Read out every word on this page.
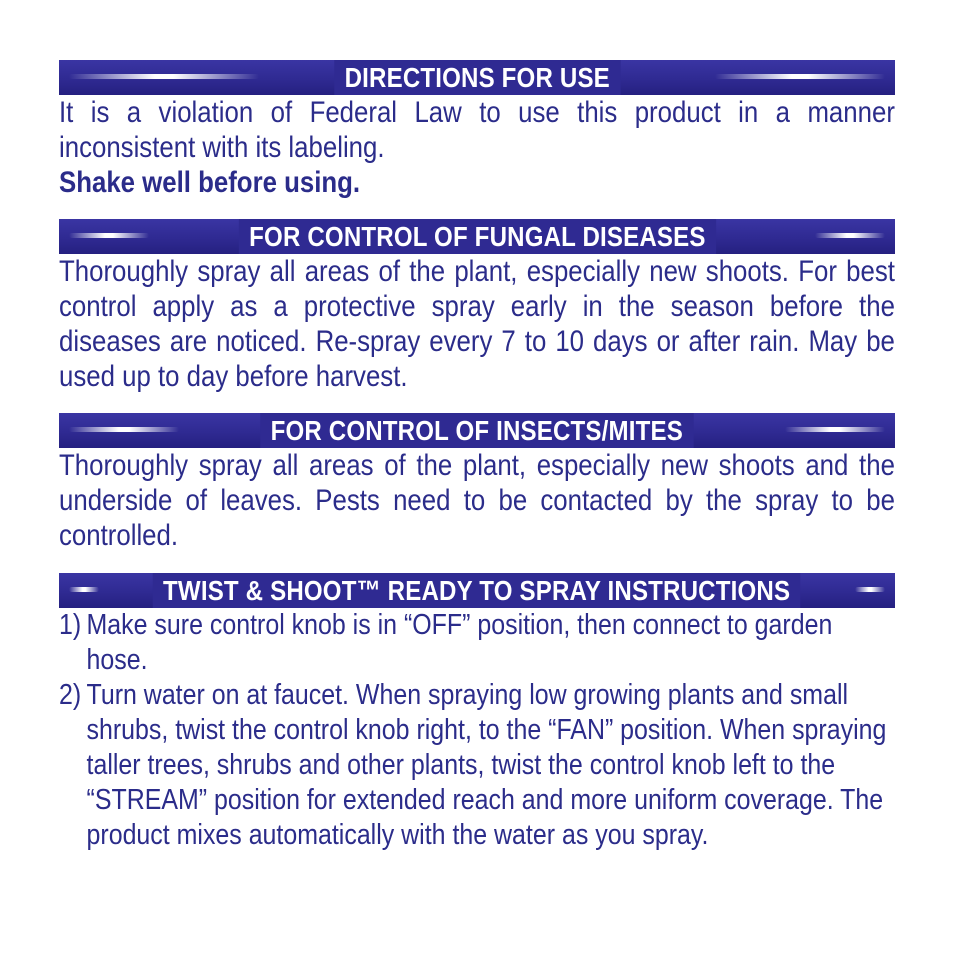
DIRECTIONS FOR USE

It is a violation of Federal Law to use this product in a manner inconsistent with its labeling.

Shake well before using.

FOR CONTROL OF FUNGAL DISEASES

Thoroughly spray all areas of the plant, especially new shoots. For best control apply as a protective spray early in the season before the diseases are noticed. Re-spray every 7 to 10 days or after rain. May be used up to day before harvest.

FOR CONTROL OF INSECTS/MITES

Thoroughly spray all areas of the plant, especially new shoots and the underside of leaves. Pests need to be contacted by the spray to be controlled.

TWIST & SHOOT™ READY TO SPRAY INSTRUCTIONS
1) Make sure control knob is in “OFF” position, then connect to garden hose.
2) Turn water on at faucet. When spraying low growing plants and small shrubs, twist the control knob right, to the “FAN” position. When spraying taller trees, shrubs and other plants, twist the control knob left to the “STREAM” position for extended reach and more uniform coverage. The product mixes automatically with the water as you spray.
